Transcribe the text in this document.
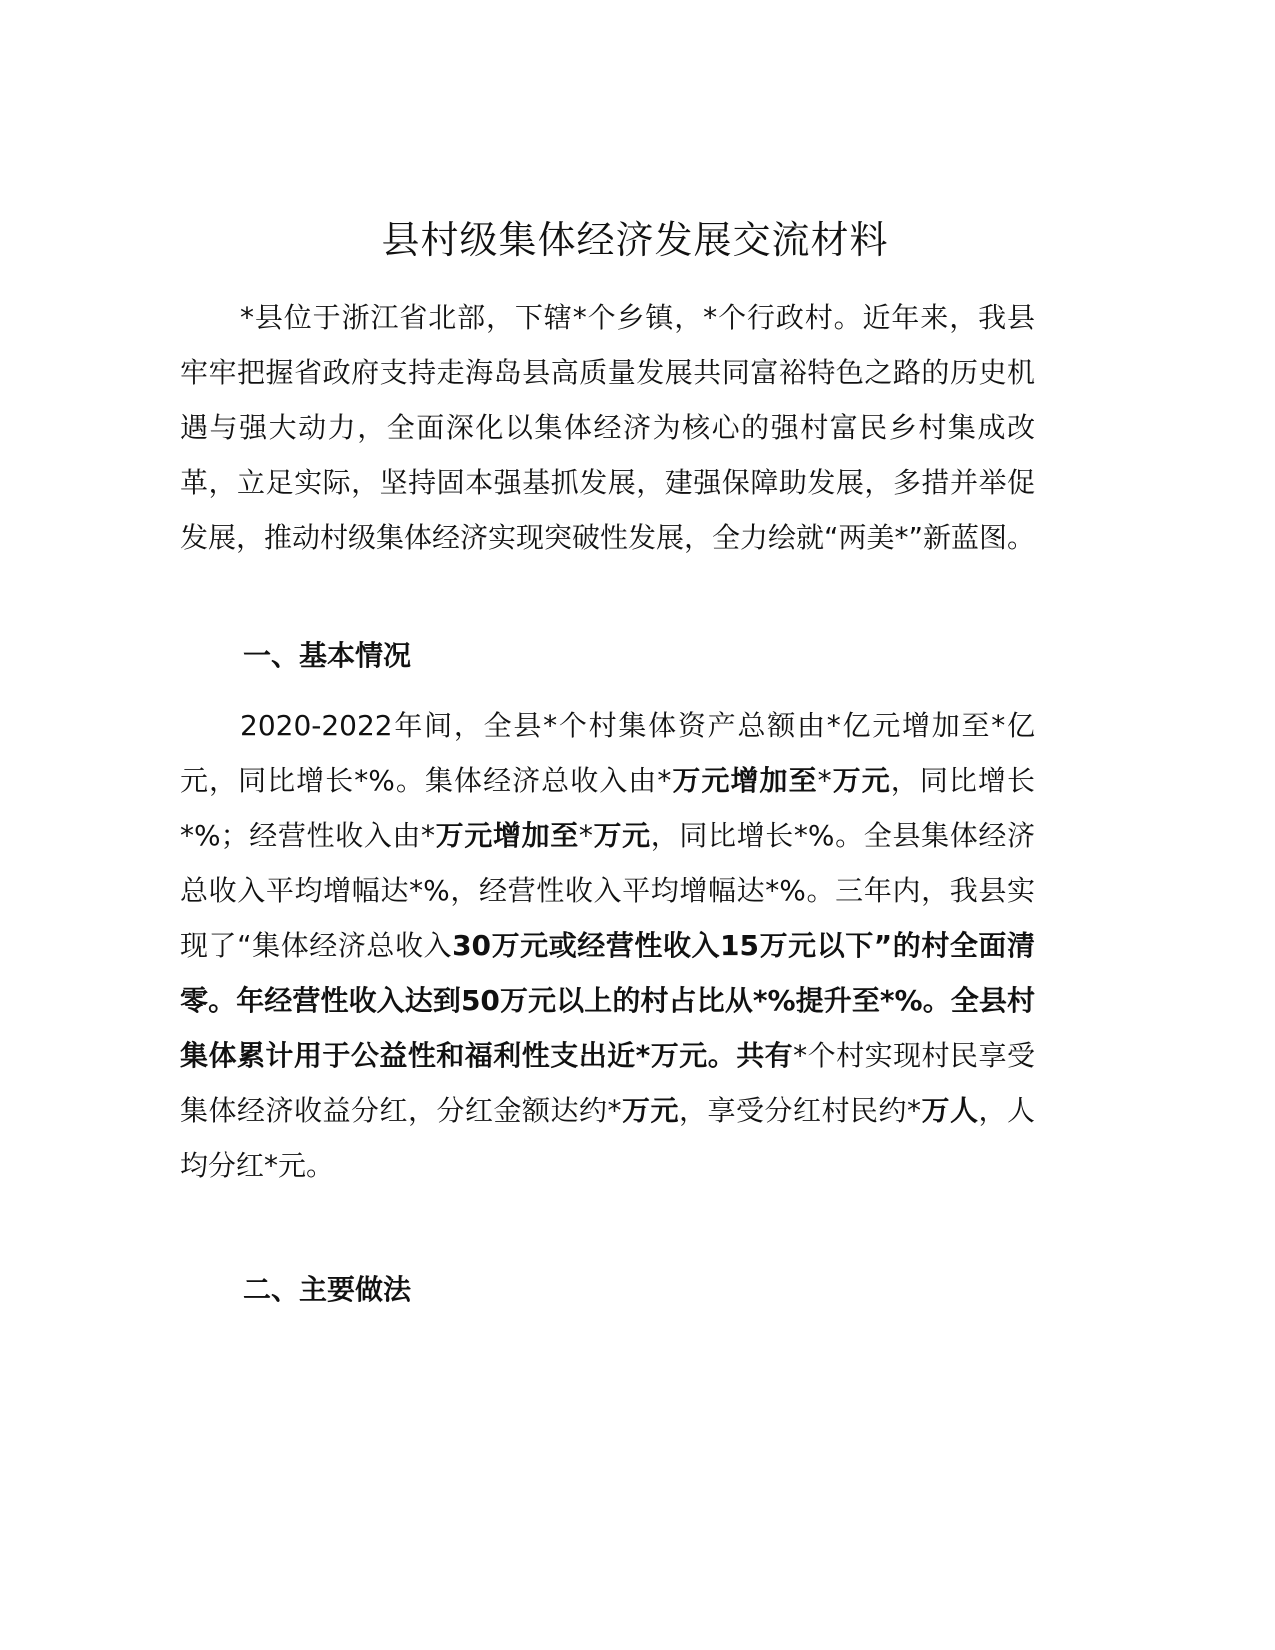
县村级集体经济发展交流材料

*县位于浙江省北部，下辖*个乡镇，*个行政村。近年来，我县牢牢把握省政府支持走海岛县高质量发展共同富裕特色之路的历史机遇与强大动力，全面深化以集体经济为核心的强村富民乡村集成改革，立足实际，坚持固本强基抓发展，建强保障助发展，多措并举促发展，推动村级集体经济实现突破性发展，全力绘就“两美*”新蓝图。

一、基本情况

2020-2022年间，全县*个村集体资产总额由*亿元增加至*亿元，同比增长*%。集体经济总收入由*万元增加至*万元，同比增长*%；经营性收入由*万元增加至*万元，同比增长*%。全县集体经济总收入平均增幅达*%，经营性收入平均增幅达*%。三年内，我县实现了“集体经济总收入30万元或经营性收入15万元以下”的村全面清零。年经营性收入达到50万元以上的村占比从*%提升至*%。全县村集体累计用于公益性和福利性支出近*万元。共有*个村实现村民享受集体经济收益分红，分红金额达约*万元，享受分红村民约*万人，人均分红*元。

二、主要做法
